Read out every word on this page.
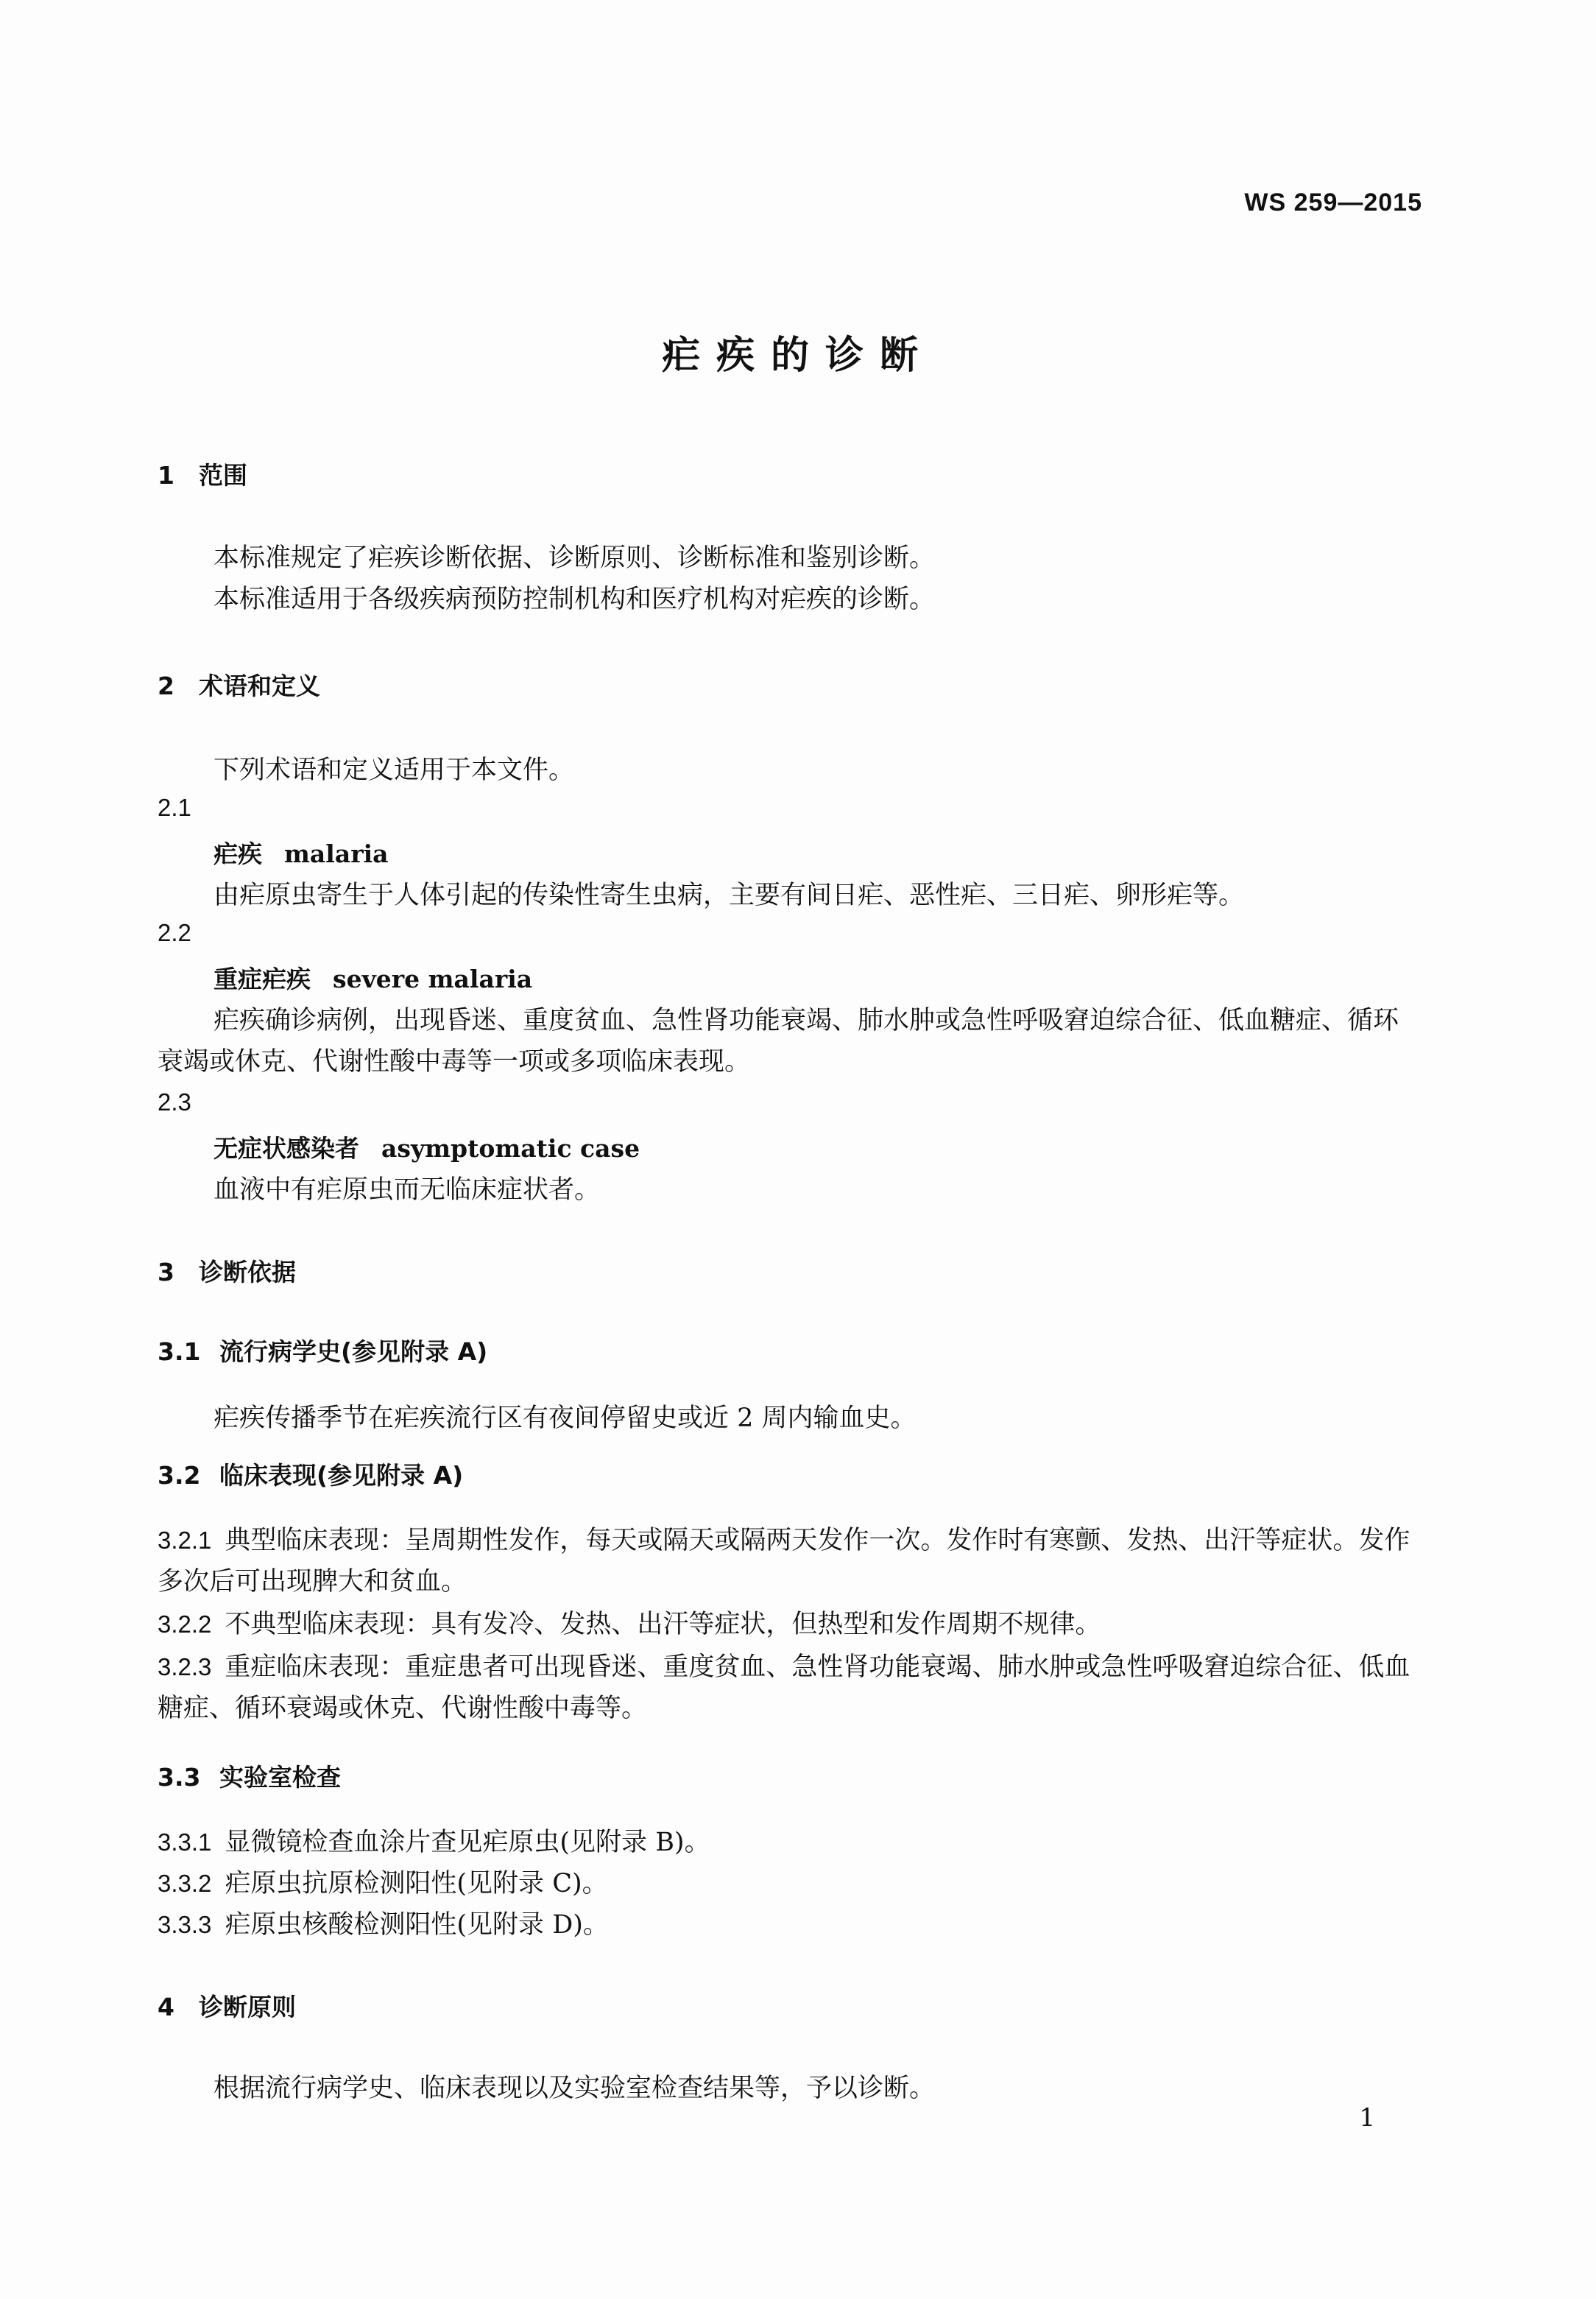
WS 259—2015
疟疾的诊断
1 范围
本标准规定了疟疾诊断依据、诊断原则、诊断标准和鉴别诊断。
本标准适用于各级疾病预防控制机构和医疗机构对疟疾的诊断。
2 术语和定义
下列术语和定义适用于本文件。
2.1
疟疾 malaria
由疟原虫寄生于人体引起的传染性寄生虫病，主要有间日疟、恶性疟、三日疟、卵形疟等。
2.2
重症疟疾 severe malaria
疟疾确诊病例，出现昏迷、重度贫血、急性肾功能衰竭、肺水肿或急性呼吸窘迫综合征、低血糖症、循环衰竭或休克、代谢性酸中毒等一项或多项临床表现。
2.3
无症状感染者 asymptomatic case
血液中有疟原虫而无临床症状者。
3 诊断依据
3.1 流行病学史(参见附录 A)
疟疾传播季节在疟疾流行区有夜间停留史或近 2 周内输血史。
3.2 临床表现(参见附录 A)
3.2.1 典型临床表现：呈周期性发作，每天或隔天或隔两天发作一次。发作时有寒颤、发热、出汗等症状。发作多次后可出现脾大和贫血。
3.2.2 不典型临床表现：具有发冷、发热、出汗等症状，但热型和发作周期不规律。
3.2.3 重症临床表现：重症患者可出现昏迷、重度贫血、急性肾功能衰竭、肺水肿或急性呼吸窘迫综合征、低血糖症、循环衰竭或休克、代谢性酸中毒等。
3.3 实验室检查
3.3.1 显微镜检查血涂片查见疟原虫(见附录 B)。
3.3.2 疟原虫抗原检测阳性(见附录 C)。
3.3.3 疟原虫核酸检测阳性(见附录 D)。
4 诊断原则
根据流行病学史、临床表现以及实验室检查结果等，予以诊断。
1
